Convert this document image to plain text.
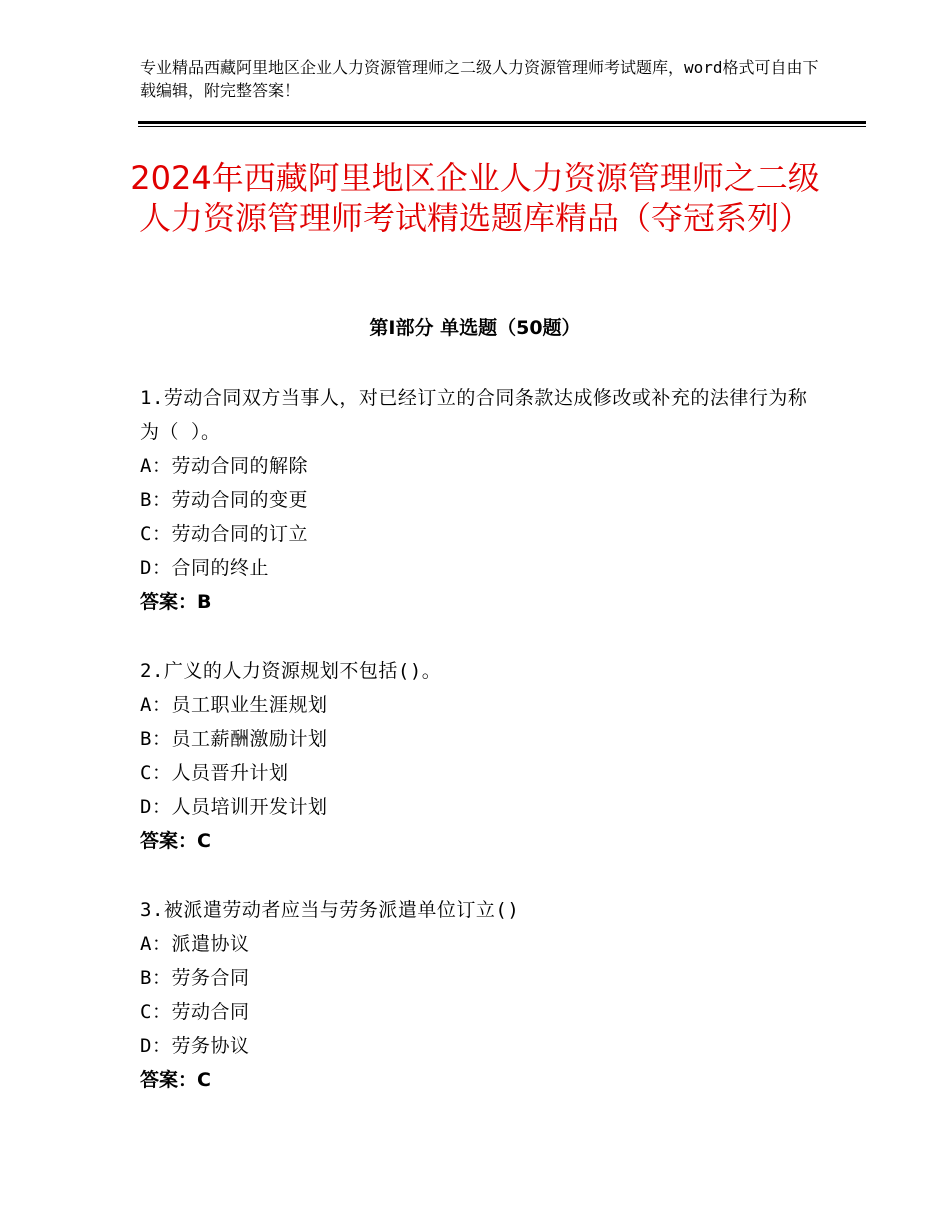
专业精品西藏阿里地区企业人力资源管理师之二级人力资源管理师考试题库，word格式可自由下载编辑，附完整答案！
2024年西藏阿里地区企业人力资源管理师之二级人力资源管理师考试精选题库精品（夺冠系列）
第Ⅰ部分 单选题（50题）
1.劳动合同双方当事人，对已经订立的合同条款达成修改或补充的法律行为称为（ ）。
A：劳动合同的解除
B：劳动合同的变更
C：劳动合同的订立
D：合同的终止
答案：B
2.广义的人力资源规划不包括()。
A：员工职业生涯规划
B：员工薪酬激励计划
C：人员晋升计划
D：人员培训开发计划
答案：C
3.被派遣劳动者应当与劳务派遣单位订立()
A：派遣协议
B：劳务合同
C：劳动合同
D：劳务协议
答案：C
